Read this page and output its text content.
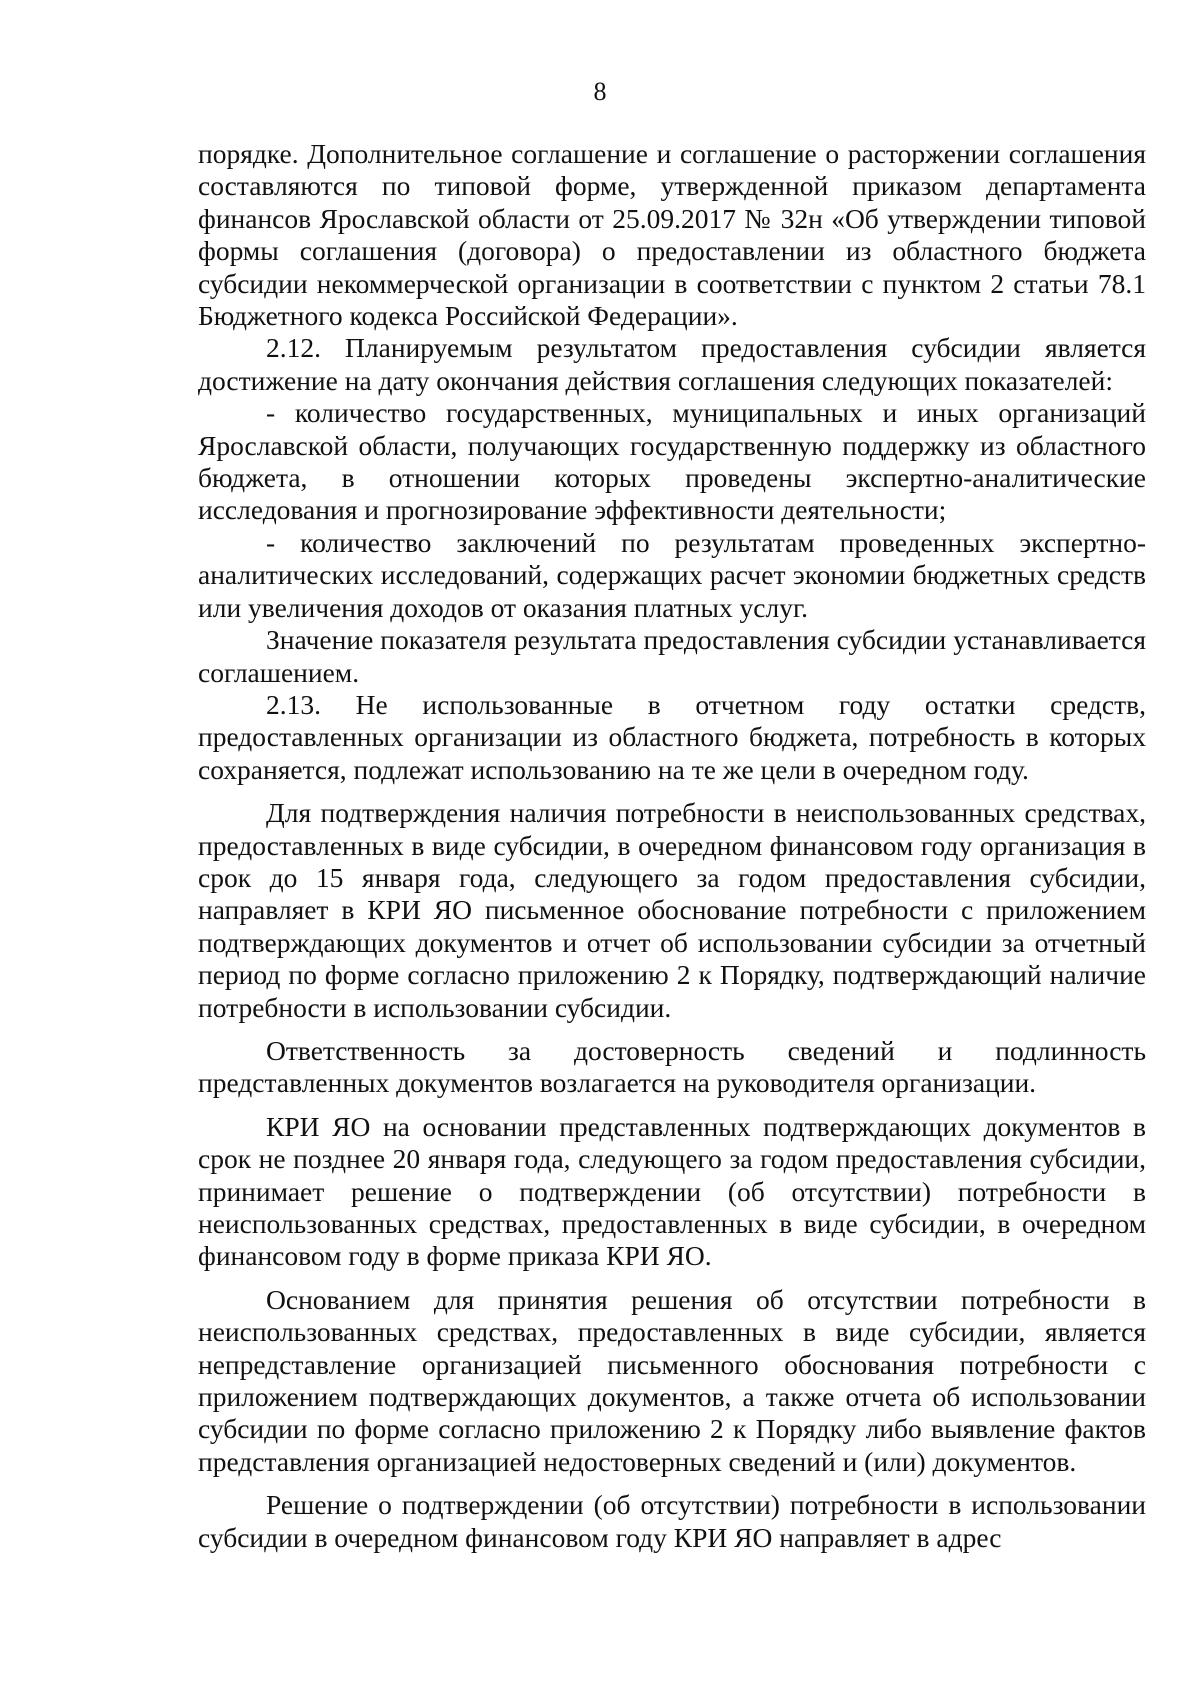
8

порядке. Дополнительное соглашение и соглашение о расторжении соглашения составляются по типовой форме, утвержденной приказом департамента финансов Ярославской области от 25.09.2017 № 32н «Об утверждении типовой формы соглашения (договора) о предоставлении из областного бюджета субсидии некоммерческой организации в соответствии с пунктом 2 статьи 78.1 Бюджетного кодекса Российской Федерации».

2.12. Планируемым результатом предоставления субсидии является достижение на дату окончания действия соглашения следующих показателей:

- количество государственных, муниципальных и иных организаций Ярославской области, получающих государственную поддержку из областного бюджета, в отношении которых проведены экспертно-аналитические исследования и прогнозирование эффективности деятельности;

- количество заключений по результатам проведенных экспертно-аналитических исследований, содержащих расчет экономии бюджетных средств или увеличения доходов от оказания платных услуг.

Значение показателя результата предоставления субсидии устанавливается соглашением.

2.13. Не использованные в отчетном году остатки средств, предоставленных организации из областного бюджета, потребность в которых сохраняется, подлежат использованию на те же цели в очередном году.

Для подтверждения наличия потребности в неиспользованных средствах, предоставленных в виде субсидии, в очередном финансовом году организация в срок до 15 января года, следующего за годом предоставления субсидии, направляет в КРИ ЯО письменное обоснование потребности с приложением подтверждающих документов и отчет об использовании субсидии за отчетный период по форме согласно приложению 2 к Порядку, подтверждающий наличие потребности в использовании субсидии.

Ответственность за достоверность сведений и подлинность представленных документов возлагается на руководителя организации.

КРИ ЯО на основании представленных подтверждающих документов в срок не позднее 20 января года, следующего за годом предоставления субсидии, принимает решение о подтверждении (об отсутствии) потребности в неиспользованных средствах, предоставленных в виде субсидии, в очередном финансовом году в форме приказа КРИ ЯО.

Основанием для принятия решения об отсутствии потребности в неиспользованных средствах, предоставленных в виде субсидии, является непредставление организацией письменного обоснования потребности с приложением подтверждающих документов, а также отчета об использовании субсидии по форме согласно приложению 2 к Порядку либо выявление фактов представления организацией недостоверных сведений и (или) документов.

Решение о подтверждении (об отсутствии) потребности в использовании субсидии в очередном финансовом году КРИ ЯО направляет в адрес
